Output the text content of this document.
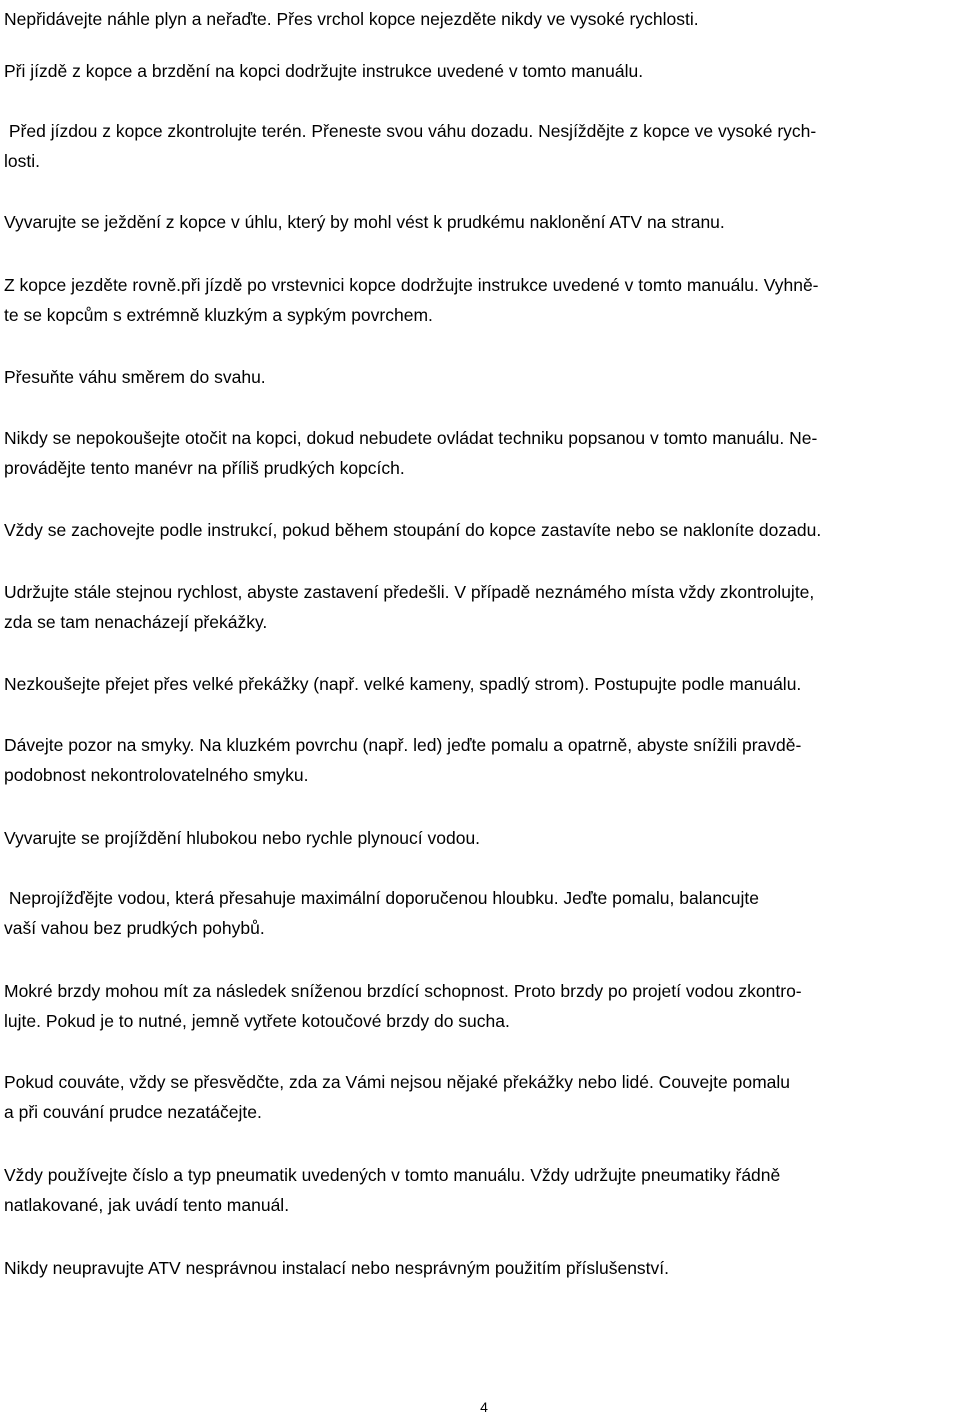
Nepřidávejte náhle plyn a neřaďte. Přes vrchol kopce nejezděte nikdy ve vysoké rychlosti.

Při jízdě z kopce a brzdění na kopci dodržujte instrukce uvedené v tomto manuálu.

Před jízdou z kopce zkontrolujte terén. Přeneste svou váhu dozadu. Nesjíždějte z kopce ve vysoké rych-
losti.

Vyvarujte se ježdění z kopce v úhlu, který by mohl vést k prudkému naklonění ATV na stranu.

Z kopce jezděte rovně.při jízdě po vrstevnici kopce dodržujte instrukce uvedené v tomto manuálu. Vyhně-
te se kopcům s extrémně kluzkým a sypkým povrchem.

Přesuňte váhu směrem do svahu.

Nikdy se nepokoušejte otočit na kopci, dokud nebudete ovládat techniku popsanou v tomto manuálu. Ne-
provádějte tento manévr na příliš prudkých kopcích.

Vždy se zachovejte podle instrukcí, pokud během stoupání do kopce zastavíte nebo se nakloníte dozadu.

Udržujte stále stejnou rychlost, abyste zastavení předešli. V případě neznámého místa vždy zkontrolujte,
zda se tam nenacházejí překážky.

Nezkoušejte přejet přes velké překážky (např. velké kameny, spadlý strom). Postupujte podle manuálu.

Dávejte pozor na smyky. Na kluzkém povrchu (např. led) jeďte pomalu a opatrně, abyste snížili pravdě-
podobnost nekontrolovatelného smyku.

Vyvarujte se projíždění hlubokou nebo rychle plynoucí vodou.

Neprojížďějte vodou, která přesahuje maximální doporučenou hloubku. Jeďte pomalu, balancujte
vaší vahou bez prudkých pohybů.

Mokré brzdy mohou mít za následek sníženou brzdící schopnost. Proto brzdy po projetí vodou zkontro-
lujte. Pokud je to nutné, jemně vytřete kotoučové brzdy do sucha.

Pokud couváte, vždy se přesvědčte, zda za Vámi nejsou nějaké překážky nebo lidé. Couvejte pomalu
a při couvání prudce nezatáčejte.

Vždy používejte číslo a typ pneumatik uvedených v tomto manuálu. Vždy udržujte pneumatiky řádně
natlakované, jak uvádí tento manuál.

Nikdy neupravujte ATV nesprávnou instalací nebo nesprávným použitím příslušenství.

4
